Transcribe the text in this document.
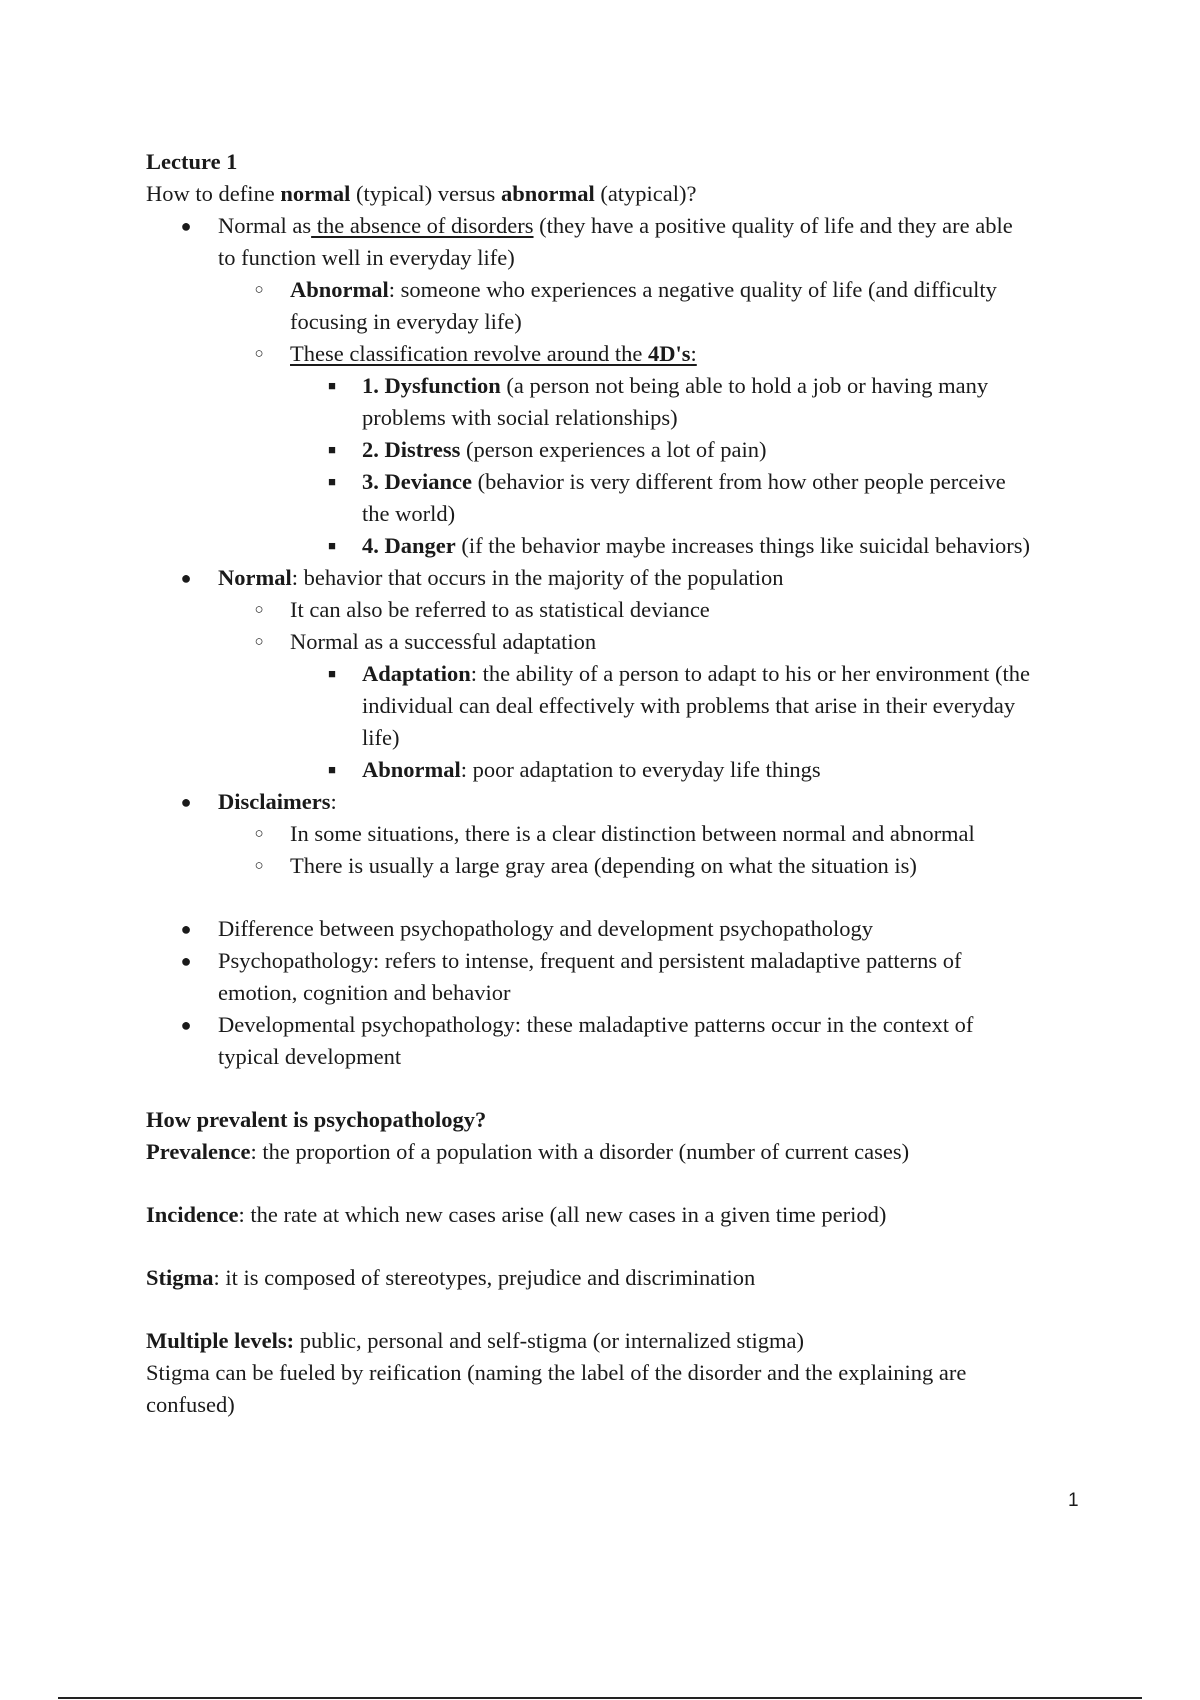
Lecture 1
How to define normal (typical) versus abnormal (atypical)?
● Normal as the absence of disorders (they have a positive quality of life and they are able
to function well in everyday life)
○ Abnormal: someone who experiences a negative quality of life (and difficulty
focusing in everyday life)
○ These classification revolve around the 4D's:
■ 1. Dysfunction (a person not being able to hold a job or having many
problems with social relationships)
■ 2. Distress (person experiences a lot of pain)
■ 3. Deviance (behavior is very different from how other people perceive
the world)
■ 4. Danger (if the behavior maybe increases things like suicidal behaviors)
● Normal: behavior that occurs in the majority of the population
○ It can also be referred to as statistical deviance
○ Normal as a successful adaptation
■ Adaptation: the ability of a person to adapt to his or her environment (the
individual can deal effectively with problems that arise in their everyday
life)
■ Abnormal: poor adaptation to everyday life things
● Disclaimers:
○ In some situations, there is a clear distinction between normal and abnormal
○ There is usually a large gray area (depending on what the situation is)
● Difference between psychopathology and development psychopathology
● Psychopathology: refers to intense, frequent and persistent maladaptive patterns of
emotion, cognition and behavior
● Developmental psychopathology: these maladaptive patterns occur in the context of
typical development
How prevalent is psychopathology?
Prevalence: the proportion of a population with a disorder (number of current cases)
Incidence: the rate at which new cases arise (all new cases in a given time period)
Stigma: it is composed of stereotypes, prejudice and discrimination
Multiple levels: public, personal and self-stigma (or internalized stigma)
Stigma can be fueled by reification (naming the label of the disorder and the explaining are
confused)
1
